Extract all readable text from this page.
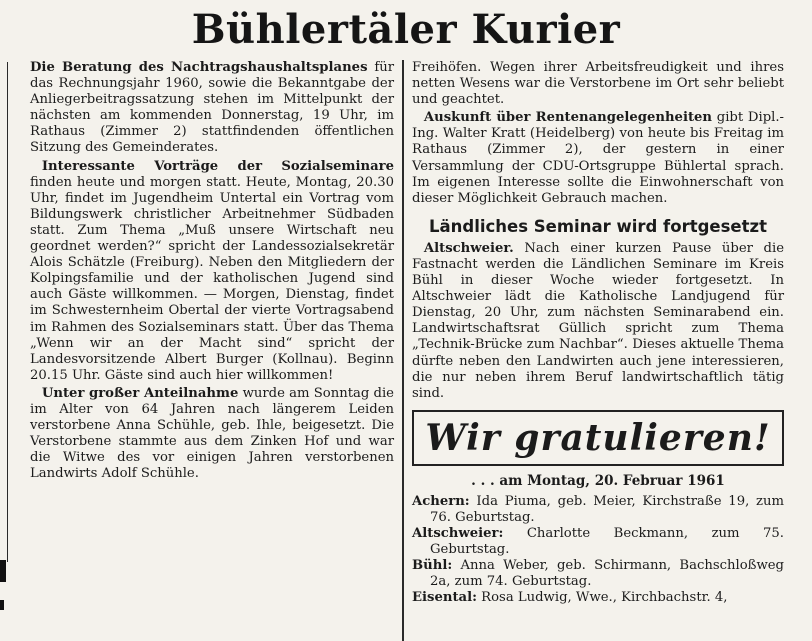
Bühlertäler Kurier

Die Beratung des Nachtragshaushaltsplanes für das Rechnungsjahr 1960, sowie die Bekanntgabe der Anliegerbeitragssatzung stehen im Mittelpunkt der nächsten am kommenden Donnerstag, 19 Uhr, im Rathaus (Zimmer 2) stattfindenden öffentlichen Sitzung des Gemeinderates.

Interessante Vorträge der Sozialseminare finden heute und morgen statt. Heute, Montag, 20.30 Uhr, findet im Jugendheim Untertal ein Vortrag vom Bildungswerk christlicher Arbeitnehmer Südbaden statt. Zum Thema „Muß unsere Wirtschaft neu geordnet werden?“ spricht der Landessozialsekretär Alois Schätzle (Freiburg). Neben den Mitgliedern der Kolpingsfamilie und der katholischen Jugend sind auch Gäste willkommen. — Morgen, Dienstag, findet im Schwesternheim Obertal der vierte Vortragsabend im Rahmen des Sozialseminars statt. Über das Thema „Wenn wir an der Macht sind“ spricht der Landesvorsitzende Albert Burger (Kollnau). Beginn 20.15 Uhr. Gäste sind auch hier willkommen!

Unter großer Anteilnahme wurde am Sonntag die im Alter von 64 Jahren nach längerem Leiden verstorbene Anna Schühle, geb. Ihle, beigesetzt. Die Verstorbene stammte aus dem Zinken Hof und war die Witwe des vor einigen Jahren verstorbenen Landwirts Adolf Schühle.

Freihöfen. Wegen ihrer Arbeitsfreudigkeit und ihres netten Wesens war die Verstorbene im Ort sehr beliebt und geachtet.

Auskunft über Rentenangelegenheiten gibt Dipl.-Ing. Walter Kratt (Heidelberg) von heute bis Freitag im Rathaus (Zimmer 2), der gestern in einer Versammlung der CDU-Ortsgruppe Bühlertal sprach. Im eigenen Interesse sollte die Einwohnerschaft von dieser Möglichkeit Gebrauch machen.

Ländliches Seminar wird fortgesetzt

Altschweier. Nach einer kurzen Pause über die Fastnacht werden die Ländlichen Seminare im Kreis Bühl in dieser Woche wieder fortgesetzt. In Altschweier lädt die Katholische Landjugend für Dienstag, 20 Uhr, zum nächsten Seminarabend ein. Landwirtschaftsrat Güllich spricht zum Thema „Technik-Brücke zum Nachbar“. Dieses aktuelle Thema dürfte neben den Landwirten auch jene interessieren, die nur neben ihrem Beruf landwirtschaftlich tätig sind.

Wir gratulieren!
. . . am Montag, 20. Februar 1961

Achern: Ida Piuma, geb. Meier, Kirchstraße 19, zum 76. Geburtstag.

Altschweier: Charlotte Beckmann, zum 75. Geburtstag.

Bühl: Anna Weber, geb. Schirmann, Bachschloßweg 2a, zum 74. Geburtstag.

Eisental: Rosa Ludwig, Wwe., Kirchbachstr. 4,
